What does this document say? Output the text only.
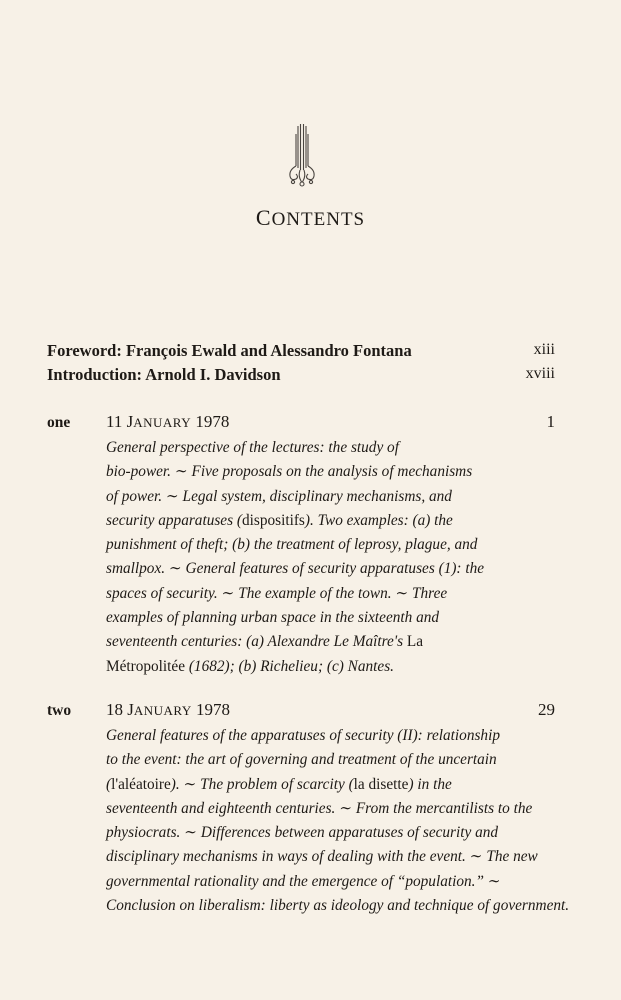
CONTENTS
Foreword: François Ewald and Alessandro Fontana	xiii
Introduction: Arnold I. Davidson	xviii
one 11 JANUARY 1978	1
General perspective of the lectures: the study of
bio-power. ∼ Five proposals on the analysis of mechanisms
of power. ∼ Legal system, disciplinary mechanisms, and
security apparatuses (dispositifs). Two examples: (a) the
punishment of theft; (b) the treatment of leprosy, plague, and
smallpox. ∼ General features of security apparatuses (1): the
spaces of security. ∼ The example of the town. ∼ Three
examples of planning urban space in the sixteenth and
seventeenth centuries: (a) Alexandre Le Maître's La
Métropolitée (1682); (b) Richelieu; (c) Nantes.
two 18 JANUARY 1978	29
General features of the apparatuses of security (II): relationship
to the event: the art of governing and treatment of the uncertain
(l'aléatoire). ∼ The problem of scarcity (la disette) in the
seventeenth and eighteenth centuries. ∼ From the mercantilists to the
physiocrats. ∼ Differences between apparatuses of security and
disciplinary mechanisms in ways of dealing with the event. ∼ The new
governmental rationality and the emergence of “population.” ∼
Conclusion on liberalism: liberty as ideology and technique of government.
